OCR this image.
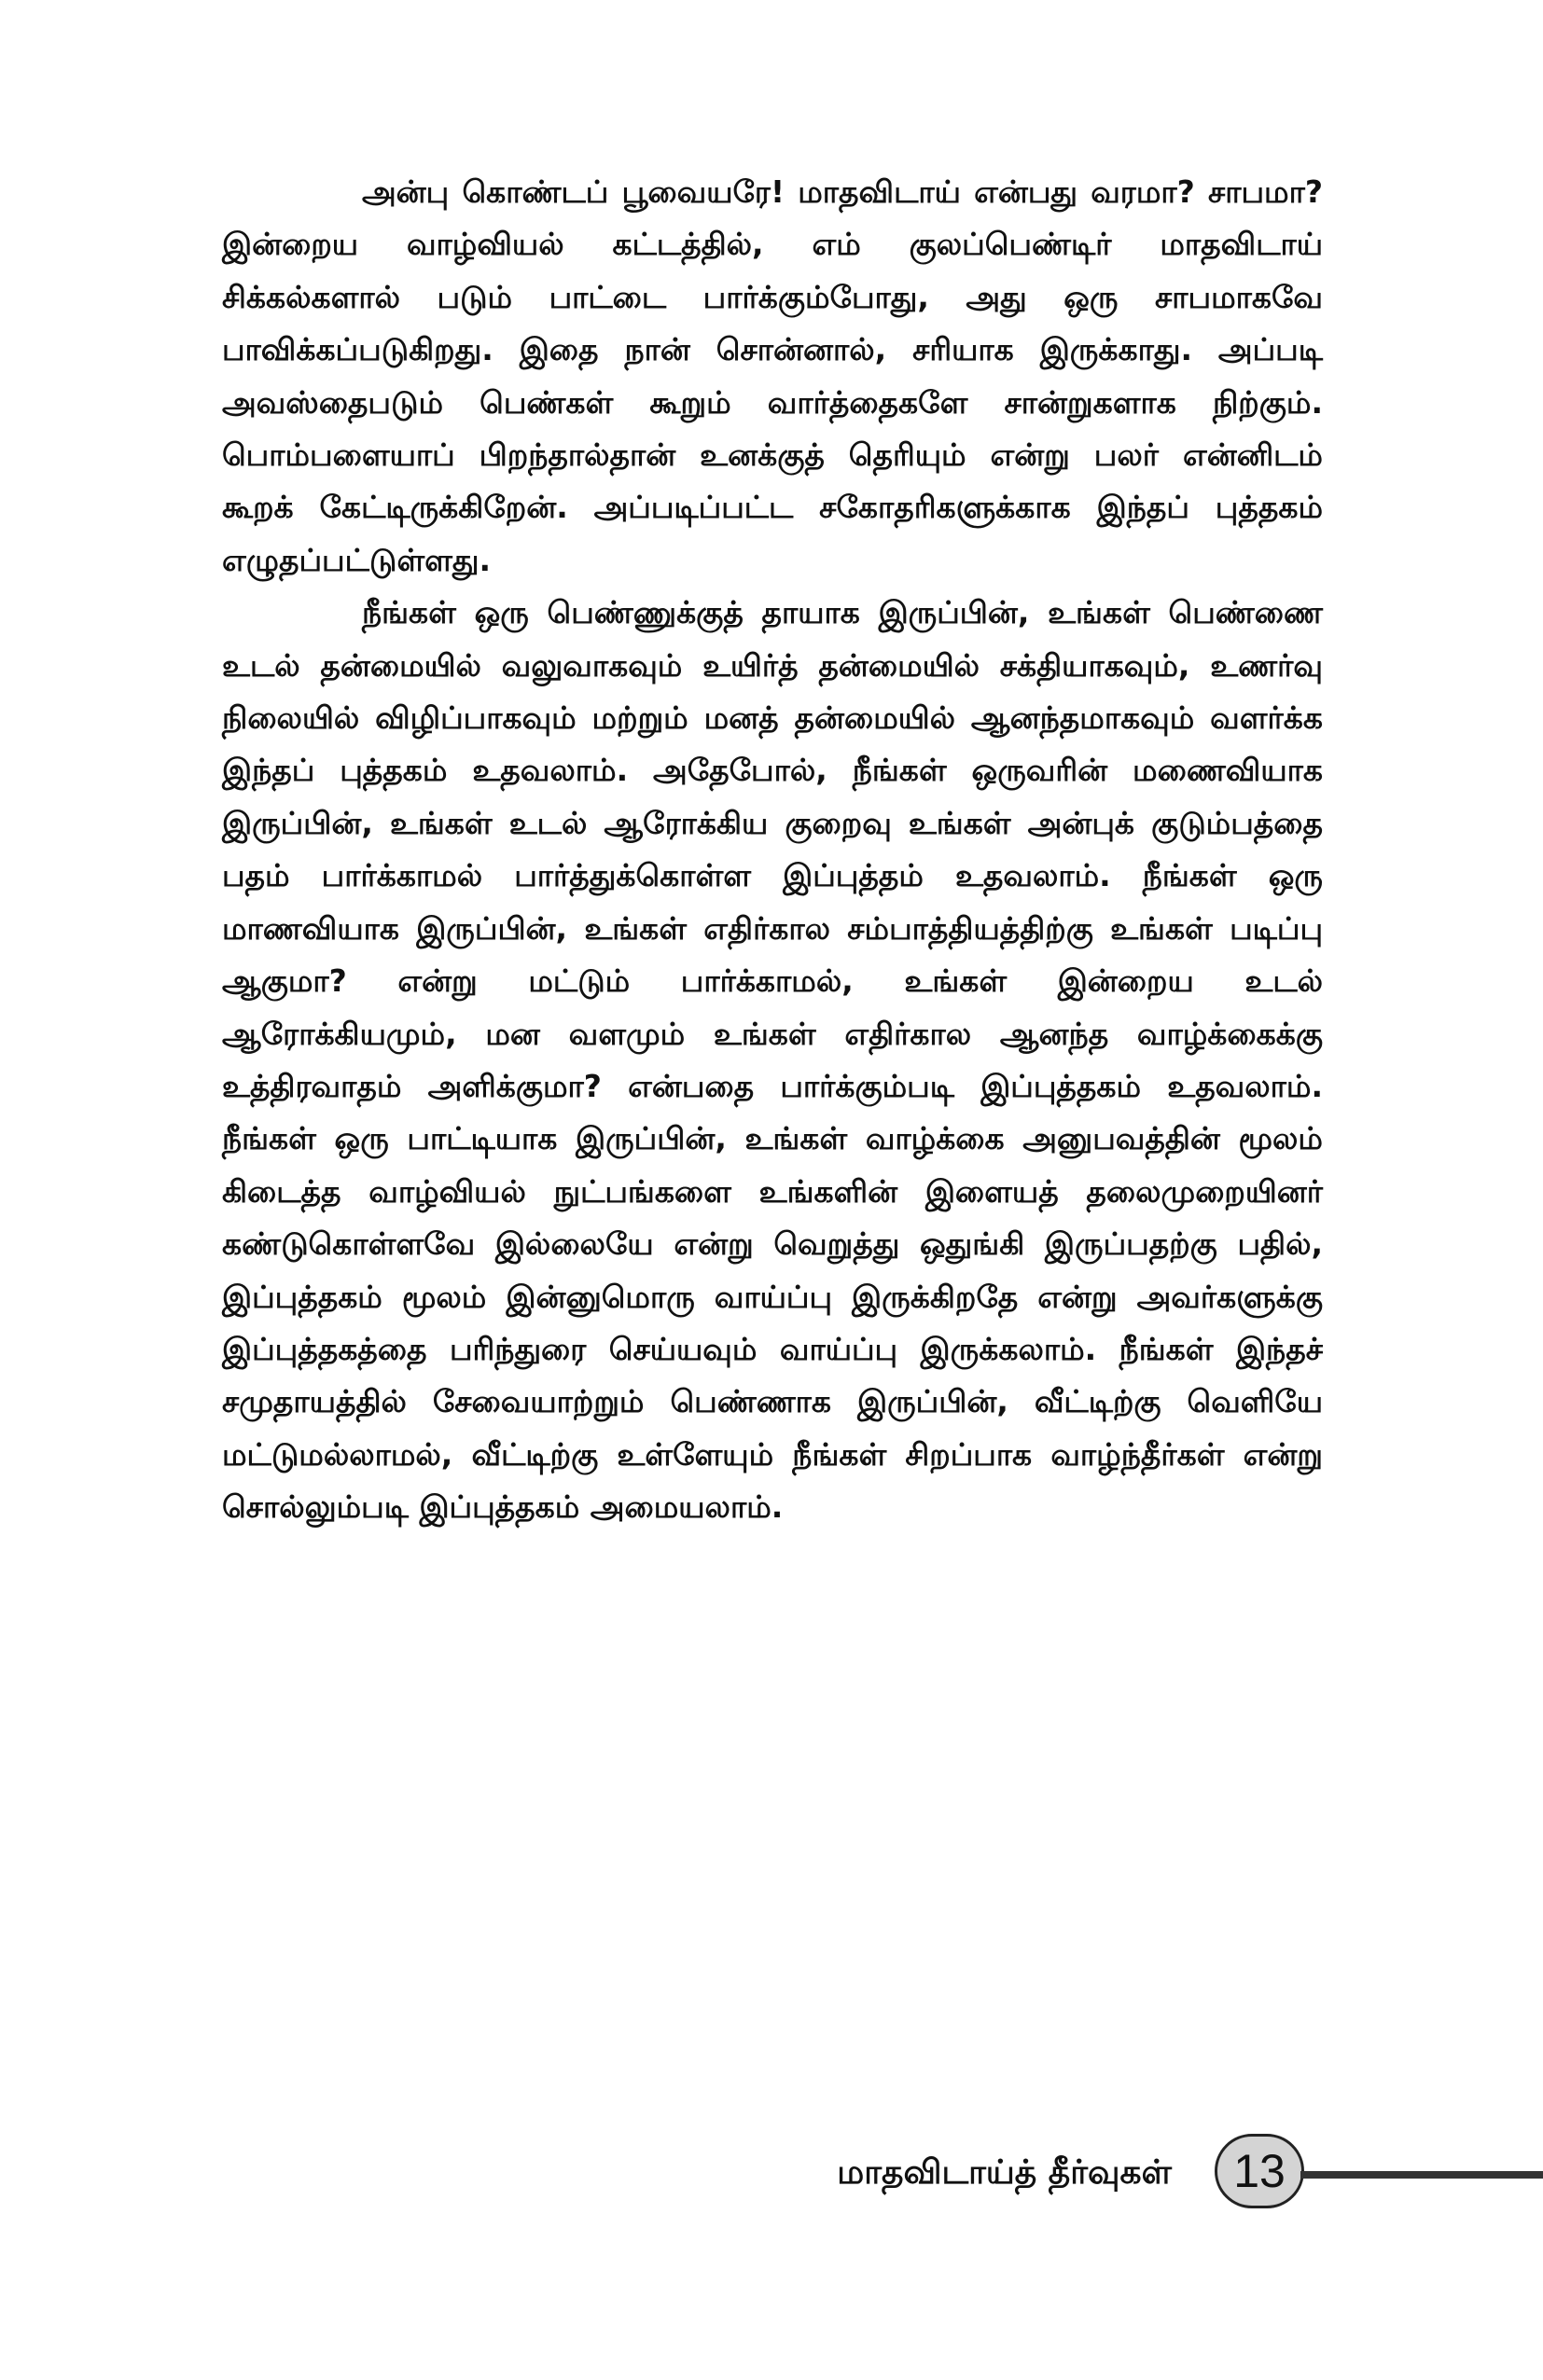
அன்பு கொண்டப் பூவையரே! மாதவிடாய் என்பது வரமா? சாபமா? இன்றைய வாழ்வியல் கட்டத்தில், எம் குலப்பெண்டிர் மாதவிடாய் சிக்கல்களால் படும் பாட்டை பார்க்கும்போது, அது ஒரு சாபமாகவே பாவிக்கப்படுகிறது. இதை நான் சொன்னால், சரியாக இருக்காது. அப்படி அவஸ்தைபடும் பெண்கள் கூறும் வார்த்தைகளே சான்றுகளாக நிற்கும். பொம்பளையாப் பிறந்தால்தான் உனக்குத் தெரியும் என்று பலர் என்னிடம் கூறக் கேட்டிருக்கிறேன். அப்படிப்பட்ட சகோதரிகளுக்காக இந்தப் புத்தகம் எழுதப்பட்டுள்ளது.

நீங்கள் ஒரு பெண்ணுக்குத் தாயாக இருப்பின், உங்கள் பெண்ணை உடல் தன்மையில் வலுவாகவும் உயிர்த் தன்மையில் சக்தியாகவும், உணர்வு நிலையில் விழிப்பாகவும் மற்றும் மனத் தன்மையில் ஆனந்தமாகவும் வளர்க்க இந்தப் புத்தகம் உதவலாம். அதேபோல், நீங்கள் ஒருவரின் மணைவியாக இருப்பின், உங்கள் உடல் ஆரோக்கிய குறைவு உங்கள் அன்புக் குடும்பத்தை பதம் பார்க்காமல் பார்த்துக்கொள்ள இப்புத்தம் உதவலாம். நீங்கள் ஒரு மாணவியாக இருப்பின், உங்கள் எதிர்கால சம்பாத்தியத்திற்கு உங்கள் படிப்பு ஆகுமா? என்று மட்டும் பார்க்காமல், உங்கள் இன்றைய உடல் ஆரோக்கியமும், மன வளமும் உங்கள் எதிர்கால ஆனந்த வாழ்க்கைக்கு உத்திரவாதம் அளிக்குமா? என்பதை பார்க்கும்படி இப்புத்தகம் உதவலாம். நீங்கள் ஒரு பாட்டியாக இருப்பின், உங்கள் வாழ்க்கை அனுபவத்தின் மூலம் கிடைத்த வாழ்வியல் நுட்பங்களை உங்களின் இளையத் தலைமுறையினர் கண்டுகொள்ளவே இல்லையே என்று வெறுத்து ஒதுங்கி இருப்பதற்கு பதில், இப்புத்தகம் மூலம் இன்னுமொரு வாய்ப்பு இருக்கிறதே என்று அவர்களுக்கு இப்புத்தகத்தை பரிந்துரை செய்யவும் வாய்ப்பு இருக்கலாம். நீங்கள் இந்தச் சமுதாயத்தில் சேவையாற்றும் பெண்ணாக இருப்பின், வீட்டிற்கு வெளியே மட்டுமல்லாமல், வீட்டிற்கு உள்ளேயும் நீங்கள் சிறப்பாக வாழ்ந்தீர்கள் என்று சொல்லும்படி இப்புத்தகம் அமையலாம்.

மாதவிடாய்த் தீர்வுகள் 13
